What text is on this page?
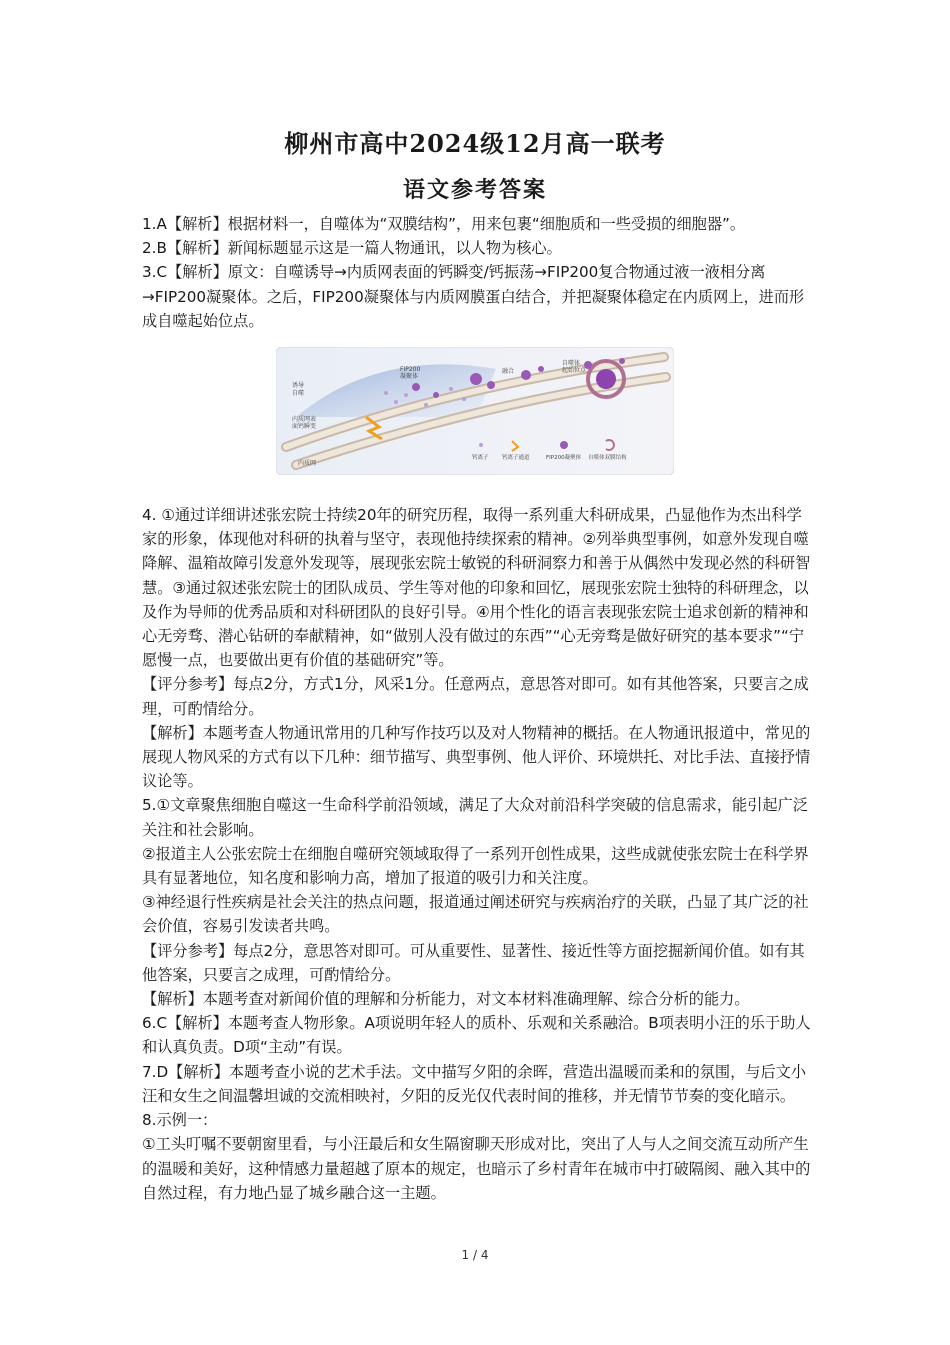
柳州市高中2024级12月高一联考
语文参考答案

1.A【解析】根据材料一，自噬体为“双膜结构”，用来包裹“细胞质和一些受损的细胞器”。

2.B【解析】新闻标题显示这是一篇人物通讯，以人物为核心。

3.C【解析】原文：自噬诱导→内质网表面的钙瞬变/钙振荡→FIP200复合物通过液一液相分离→FIP200凝聚体。之后，FIP200凝聚体与内质网膜蛋白结合，并把凝聚体稳定在内质网上，进而形成自噬起始位点。

诱导
自噬
内质网表
面钙瞬变
FIP200
凝聚体
融合
自噬体
起始位点
内质网
钙离子 钙离子通道	FIP200凝聚体 自噬体双膜结构

4. ①通过详细讲述张宏院士持续20年的研究历程，取得一系列重大科研成果，凸显他作为杰出科学家的形象，体现他对科研的执着与坚守，表现他持续探索的精神。②列举典型事例，如意外发现自噬降解、温箱故障引发意外发现等，展现张宏院士敏锐的科研洞察力和善于从偶然中发现必然的科研智慧。③通过叙述张宏院士的团队成员、学生等对他的印象和回忆，展现张宏院士独特的科研理念，以及作为导师的优秀品质和对科研团队的良好引导。④用个性化的语言表现张宏院士追求创新的精神和心无旁骛、潜心钻研的奉献精神，如“做别人没有做过的东西”“心无旁骛是做好研究的基本要求”“宁愿慢一点，也要做出更有价值的基础研究”等。

【评分参考】每点2分，方式1分，风采1分。任意两点，意思答对即可。如有其他答案，只要言之成理，可酌情给分。

【解析】本题考查人物通讯常用的几种写作技巧以及对人物精神的概括。在人物通讯报道中，常见的展现人物风采的方式有以下几种：细节描写、典型事例、他人评价、环境烘托、对比手法、直接抒情议论等。

5.①文章聚焦细胞自噬这一生命科学前沿领域，满足了大众对前沿科学突破的信息需求，能引起广泛关注和社会影响。

②报道主人公张宏院士在细胞自噬研究领域取得了一系列开创性成果，这些成就使张宏院士在科学界具有显著地位，知名度和影响力高，增加了报道的吸引力和关注度。

③神经退行性疾病是社会关注的热点问题，报道通过阐述研究与疾病治疗的关联，凸显了其广泛的社会价值，容易引发读者共鸣。

【评分参考】每点2分，意思答对即可。可从重要性、显著性、接近性等方面挖掘新闻价值。如有其他答案，只要言之成理，可酌情给分。

【解析】本题考查对新闻价值的理解和分析能力，对文本材料准确理解、综合分析的能力。

6.C【解析】本题考查人物形象。A项说明年轻人的质朴、乐观和关系融洽。B项表明小汪的乐于助人和认真负责。D项“主动”有误。

7.D【解析】本题考查小说的艺术手法。文中描写夕阳的余晖，营造出温暖而柔和的氛围，与后文小汪和女生之间温馨坦诚的交流相映衬，夕阳的反光仅代表时间的推移，并无情节节奏的变化暗示。

8.示例一：

①工头叮嘱不要朝窗里看，与小汪最后和女生隔窗聊天形成对比，突出了人与人之间交流互动所产生的温暖和美好，这种情感力量超越了原本的规定，也暗示了乡村青年在城市中打破隔阂、融入其中的自然过程，有力地凸显了城乡融合这一主题。

1 / 4
